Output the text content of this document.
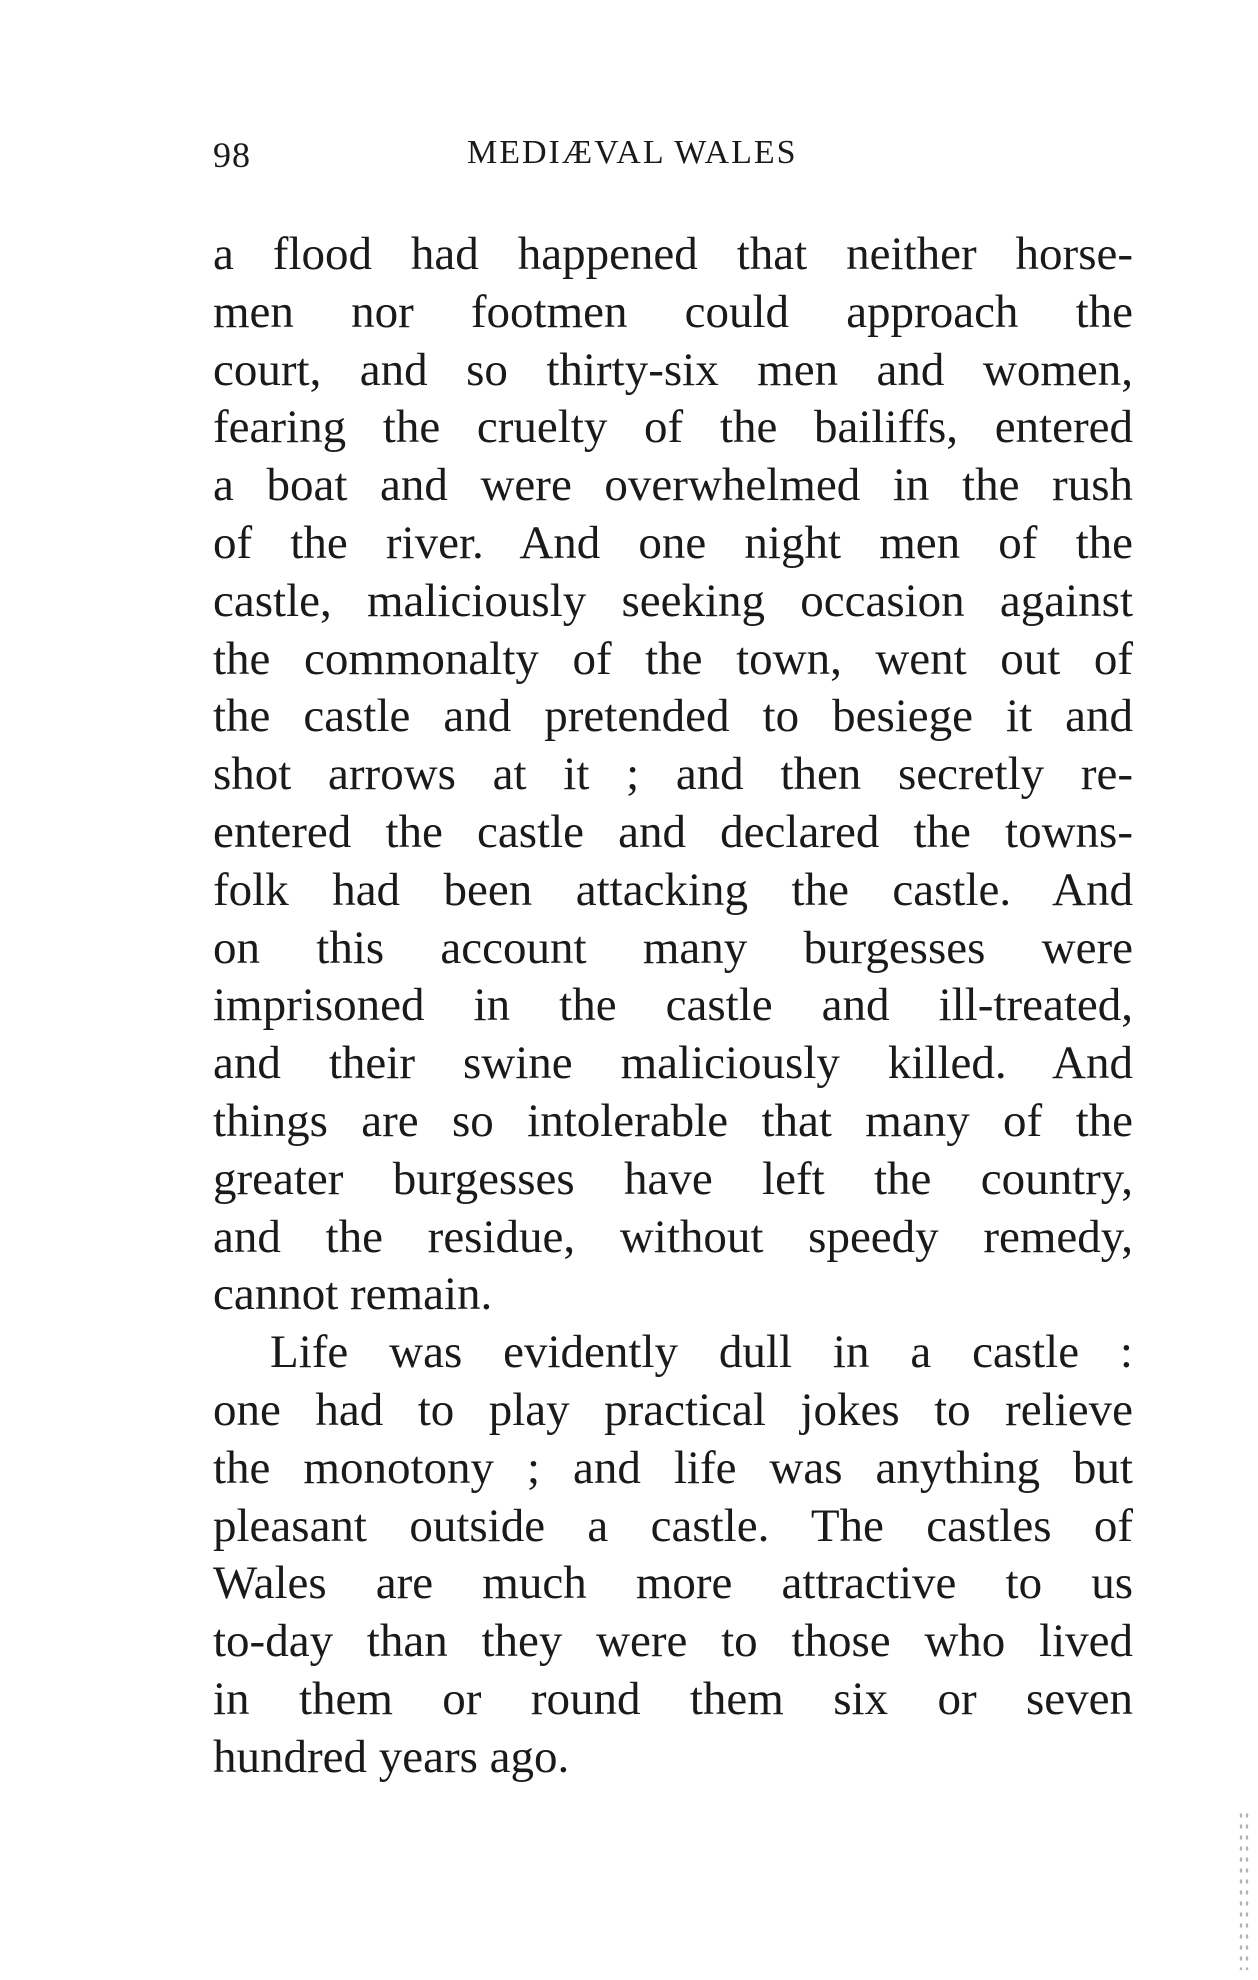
98	MEDIÆVAL WALES
a flood had happened that neither horse-
men nor footmen could approach the
court, and so thirty-six men and women,
fearing the cruelty of the bailiffs, entered
a boat and were overwhelmed in the rush
of the river. And one night men of the
castle, maliciously seeking occasion against
the commonalty of the town, went out of
the castle and pretended to besiege it and
shot arrows at it ; and then secretly re-
entered the castle and declared the towns-
folk had been attacking the castle. And
on this account many burgesses were
imprisoned in the castle and ill-treated,
and their swine maliciously killed. And
things are so intolerable that many of the
greater burgesses have left the country,
and the residue, without speedy remedy,
cannot remain.
Life was evidently dull in a castle :
one had to play practical jokes to relieve
the monotony ; and life was anything but
pleasant outside a castle. The castles of
Wales are much more attractive to us
to-day than they were to those who lived
in them or round them six or seven
hundred years ago.
